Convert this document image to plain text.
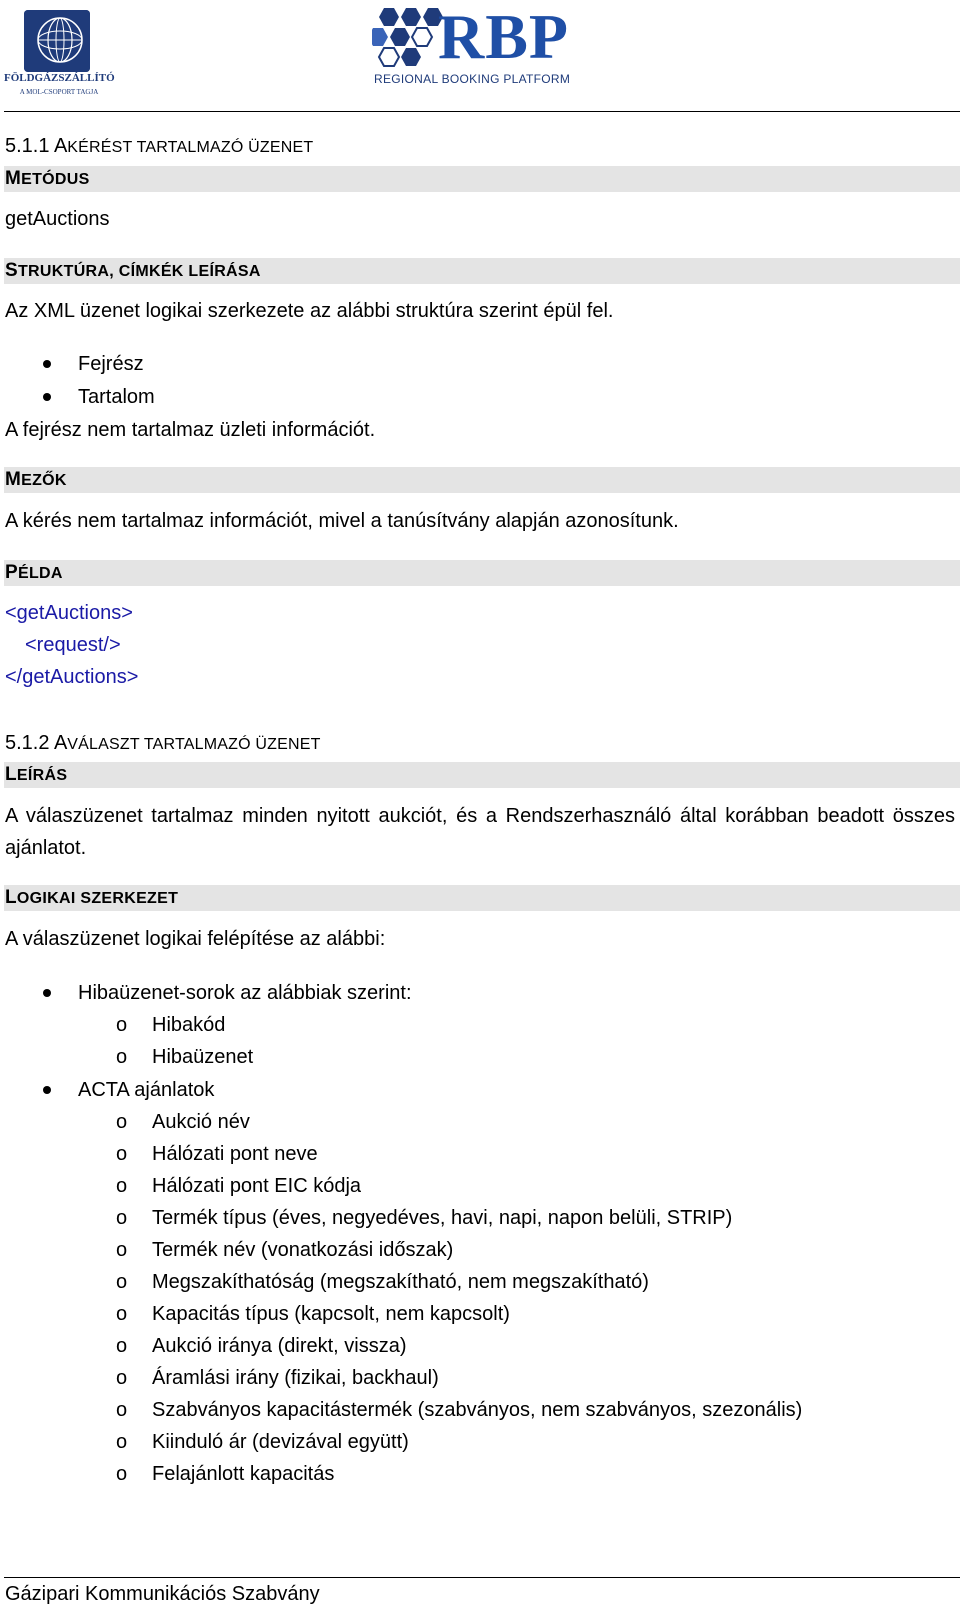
FÖLDGÁZSZÁLLÍTÓ
A MOL-CSOPORT TAGJA
RBP
REGIONAL BOOKING PLATFORM
5.1.1 AKÉRÉST TARTALMAZÓ ÜZENET
METÓDUS
getAuctions
STRUKTÚRA, CÍMKÉK LEÍRÁSA
Az XML üzenet logikai szerkezete az alábbi struktúra szerint épül fel.
Fejrész
Tartalom
A fejrész nem tartalmaz üzleti információt.
MEZŐK
A kérés nem tartalmaz információt, mivel a tanúsítvány alapján azonosítunk.
PÉLDA
<getAuctions>
<request/>
</getAuctions>
5.1.2 AVÁLASZT TARTALMAZÓ ÜZENET
LEÍRÁS
A válaszüzenet tartalmaz minden nyitott aukciót, és a Rendszerhasználó által korábban beadott összes ajánlatot.
LOGIKAI SZERKEZET
A válaszüzenet logikai felépítése az alábbi:
Hibaüzenet-sorok az alábbiak szerint:
o Hibakód
o Hibaüzenet
ACTA ajánlatok
o Aukció név
o Hálózati pont neve
o Hálózati pont EIC kódja
o Termék típus (éves, negyedéves, havi, napi, napon belüli, STRIP)
o Termék név (vonatkozási időszak)
o Megszakíthatóság (megszakítható, nem megszakítható)
o Kapacitás típus (kapcsolt, nem kapcsolt)
o Aukció iránya (direkt, vissza)
o Áramlási irány (fizikai, backhaul)
o Szabványos kapacitástermék (szabványos, nem szabványos, szezonális)
o Kiinduló ár (devizával együtt)
o Felajánlott kapacitás
Gázipari Kommunikációs Szabvány
